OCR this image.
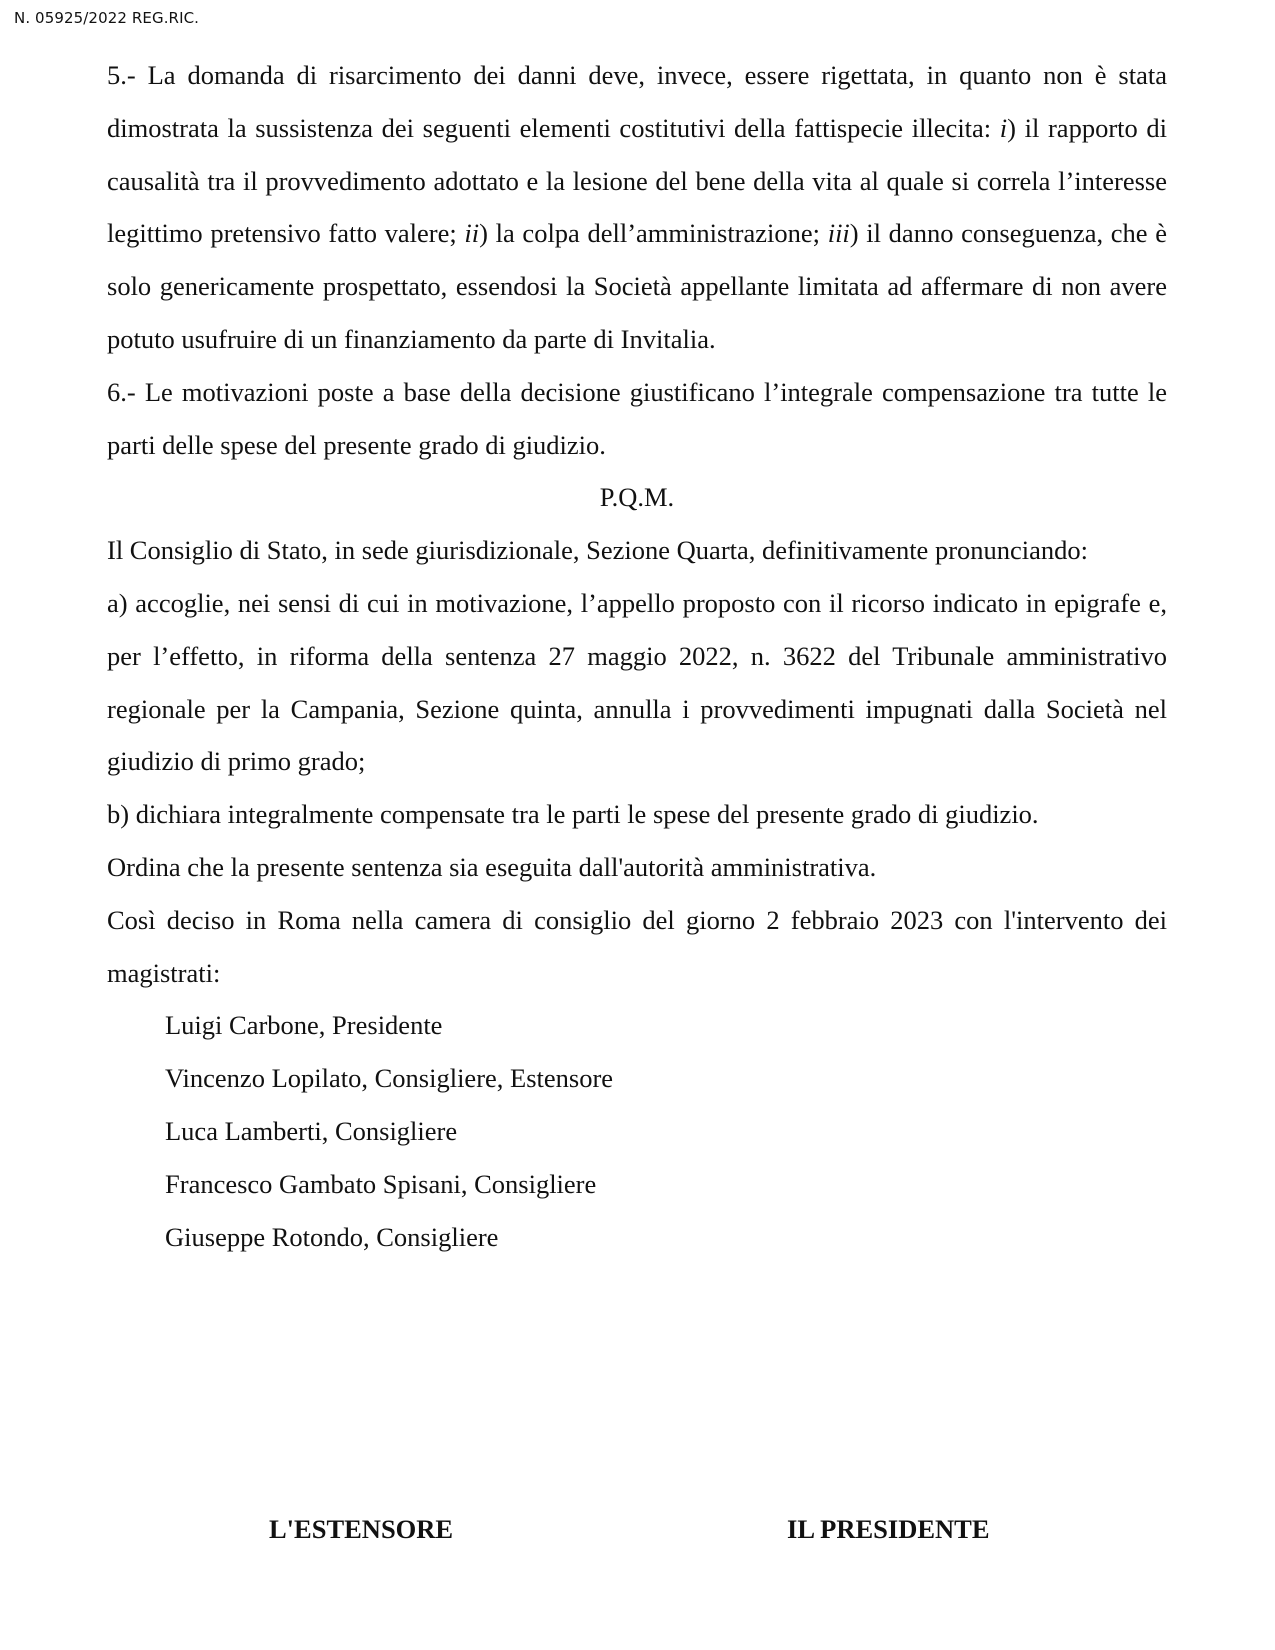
N. 05925/2022 REG.RIC.

5.- La domanda di risarcimento dei danni deve, invece, essere rigettata, in quanto non è stata dimostrata la sussistenza dei seguenti elementi costitutivi della fattispecie illecita: i) il rapporto di causalità tra il provvedimento adottato e la lesione del bene della vita al quale si correla l’interesse legittimo pretensivo fatto valere; ii) la colpa dell’amministrazione; iii) il danno conseguenza, che è solo genericamente prospettato, essendosi la Società appellante limitata ad affermare di non avere potuto usufruire di un finanziamento da parte di Invitalia.

6.- Le motivazioni poste a base della decisione giustificano l’integrale compensazione tra tutte le parti delle spese del presente grado di giudizio.

P.Q.M.

Il Consiglio di Stato, in sede giurisdizionale, Sezione Quarta, definitivamente pronunciando:

a) accoglie, nei sensi di cui in motivazione, l’appello proposto con il ricorso indicato in epigrafe e, per l’effetto, in riforma della sentenza 27 maggio 2022, n. 3622 del Tribunale amministrativo regionale per la Campania, Sezione quinta, annulla i provvedimenti impugnati dalla Società nel giudizio di primo grado;

b) dichiara integralmente compensate tra le parti le spese del presente grado di giudizio.

Ordina che la presente sentenza sia eseguita dall'autorità amministrativa.

Così deciso in Roma nella camera di consiglio del giorno 2 febbraio 2023 con l'intervento dei magistrati:

Luigi Carbone, Presidente

Vincenzo Lopilato, Consigliere, Estensore

Luca Lamberti, Consigliere

Francesco Gambato Spisani, Consigliere

Giuseppe Rotondo, Consigliere

L'ESTENSORE	IL PRESIDENTE
